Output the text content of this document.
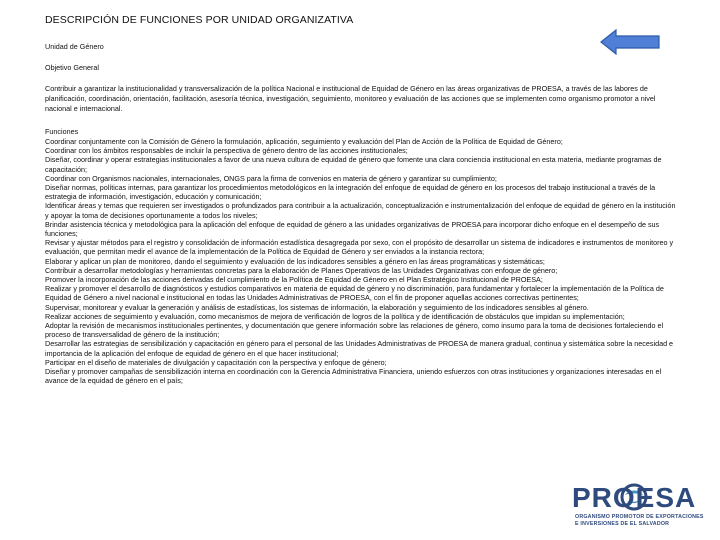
DESCRIPCIÓN DE FUNCIONES POR UNIDAD ORGANIZATIVA

Unidad de Género

Objetivo General

Contribuir a garantizar la institucionalidad y transversalización de la política Nacional e institucional de Equidad de Género en las áreas organizativas de PROESA, a través de las labores de planificación, coordinación, orientación, facilitación, asesoría técnica, investigación, seguimiento, monitoreo y evaluación de las acciones que se implementen como organismo promotor a nivel nacional e internacional.

Funciones

Coordinar conjuntamente con la Comisión de Género la formulación, aplicación, seguimiento y evaluación del Plan de Acción de la Política de Equidad de Género;
Coordinar con los ámbitos responsables de incluir la perspectiva de género dentro de las acciones institucionales;
Diseñar, coordinar y operar estrategias institucionales a favor de una nueva cultura de equidad de género que fomente una clara conciencia institucional en esta materia, mediante programas de capacitación;
Coordinar con Organismos nacionales, internacionales, ONGS para la firma de convenios en materia de género y garantizar su cumplimiento;
Diseñar normas, políticas internas, para garantizar los procedimientos metodológicos en la integración del enfoque de equidad de género en los procesos del trabajo institucional a través de la estrategia de información, investigación, educación y comunicación;
Identificar áreas y temas que requieren ser investigados o profundizados para contribuir a la actualización, conceptualización e instrumentalización del enfoque de equidad de género en la institución y apoyar la toma de decisiones oportunamente a todos los niveles;
Brindar asistencia técnica y metodológica para la aplicación del enfoque de equidad de género a las unidades organizativas de PROESA para incorporar dicho enfoque en el desempeño de sus funciones;
Revisar y ajustar métodos para el registro y consolidación de información estadística desagregada por sexo, con el propósito de desarrollar un sistema de indicadores e instrumentos de monitoreo y evaluación, que permitan medir el avance de la implementación de la Política de Equidad de Género y ser enviados a la instancia rectora;
Elaborar y aplicar un plan de monitoreo, dando el seguimiento y evaluación de los indicadores sensibles a género en las áreas programáticas y sistemáticas;
Contribuir a desarrollar metodologías y herramientas concretas para la elaboración de Planes Operativos de las Unidades Organizativas con enfoque de género;
Promover la incorporación de las acciones derivadas del cumplimiento de la Política de Equidad de Género en el Plan Estratégico Institucional de PROESA;
Realizar y promover el desarrollo de diagnósticos y estudios comparativos en materia de equidad de género y no discriminación, para fundamentar y fortalecer la implementación de la Política de Equidad de Género a nivel nacional e institucional en todas las Unidades Administrativas de PROESA, con el fin de proponer aquellas acciones correctivas pertinentes;
Supervisar, monitorear y evaluar la generación y análisis de estadísticas, los sistemas de información, la elaboración y seguimiento de los indicadores sensibles al género.
Realizar acciones de seguimiento y evaluación, como mecanismos de mejora de verificación de logros de la política y de identificación de obstáculos que impidan su implementación;
Adoptar la revisión de mecanismos institucionales pertinentes, y documentación que genere información sobre las relaciones de género, como insumo para la toma de decisiones fortaleciendo el proceso de transversalidad de género de la institución;
Desarrollar las estrategias de sensibilización y capacitación en género para el personal de las Unidades Administrativas de PROESA de manera gradual, continua y sistemática sobre la necesidad e importancia de la aplicación del enfoque de equidad de género en el que hacer institucional;
Participar en el diseño de materiales de divulgación y capacitación con la perspectiva y enfoque de género;
Diseñar y promover campañas de sensibilización interna en coordinación con la Gerencia Administrativa Financiera, uniendo esfuerzos con otras instituciones y organizaciones interesadas en el avance de la equidad de género en el país;
PROESA
ORGANISMO PROMOTOR DE EXPORTACIONES
E INVERSIONES DE EL SALVADOR
